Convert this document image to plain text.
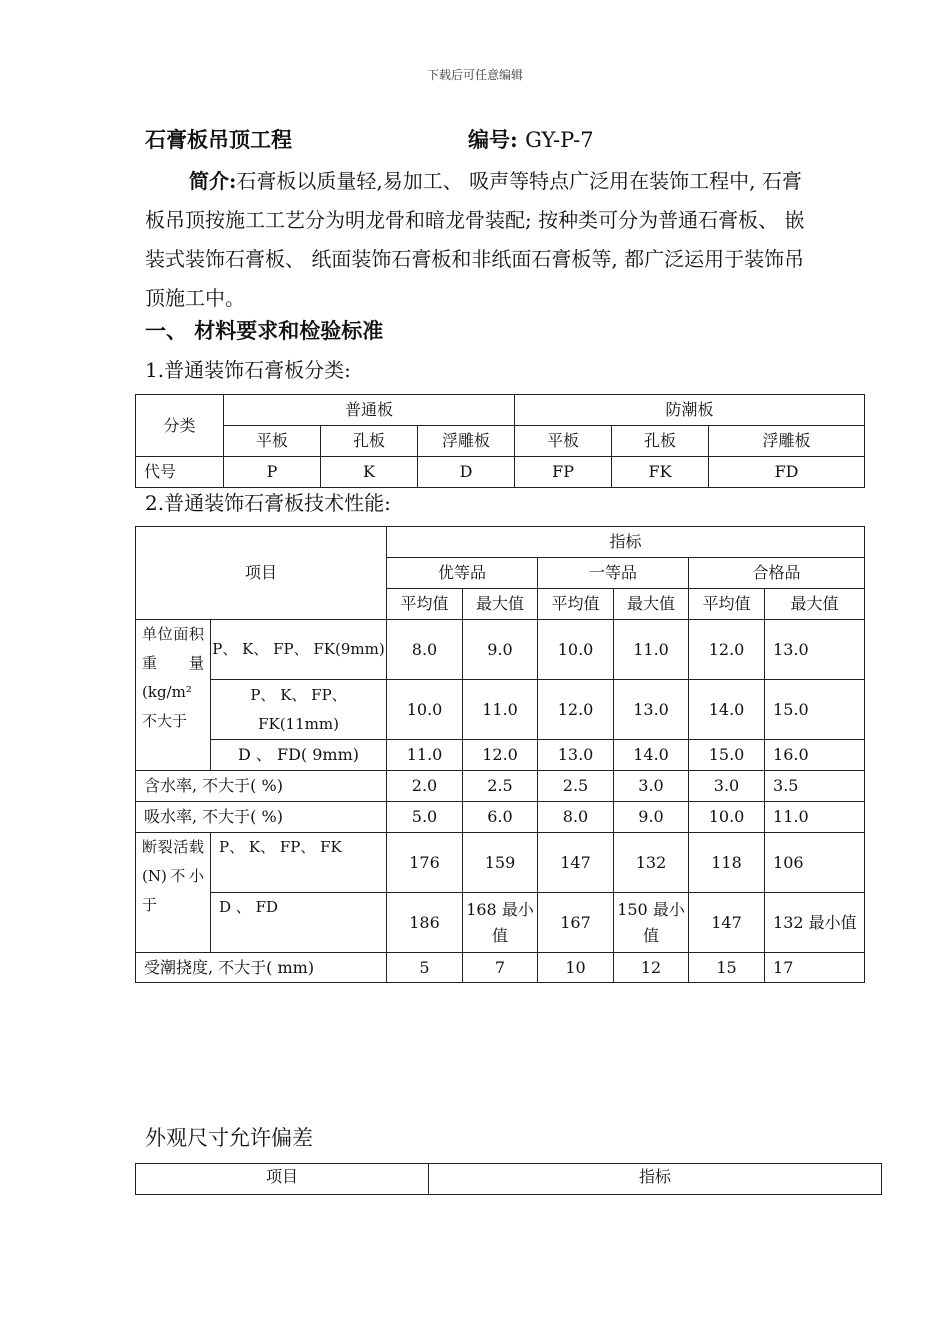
下载后可任意编辑
石膏板吊顶工程	编号: GY-P-7
简介:石膏板以质量轻,易加工、 吸声等特点广泛用在装饰工程中, 石膏板吊顶按施工工艺分为明龙骨和暗龙骨装配; 按种类可分为普通石膏板、 嵌装式装饰石膏板、 纸面装饰石膏板和非纸面石膏板等, 都广泛运用于装饰吊顶施工中。
一、 材料要求和检验标准
1.普通装饰石膏板分类:
分类	普通板			防潮板		
	平板	孔板	浮雕板	平板	孔板	浮雕板
代号	P	K	D	FP	FK	FD
2.普通装饰石膏板技术性能:
项目		指标					
		优等品		一等品		合格品	
		平均值	最大值	平均值	最大值	平均值	最大值
单位面积重量(kg/m²不大于	P、 K、 FP、 FK(9mm)	8.0	9.0	10.0	11.0	12.0	13.0
	P、 K、 FP、 FK(11mm)	10.0	11.0	12.0	13.0	14.0	15.0
	D 、 FD( 9mm)	11.0	12.0	13.0	14.0	15.0	16.0
含水率, 不大于( %)		2.0	2.5	2.5	3.0	3.0	3.5
吸水率, 不大于( %)		5.0	6.0	8.0	9.0	10.0	11.0
断裂活载(N)不小于	P、 K、 FP、 FK	176	159	147	132	118	106
	D 、 FD	186	168 最小值	167	150 最小值	147	132 最小值
受潮挠度, 不大于( mm)		5	7	10	12	15	17
外观尺寸允许偏差
项目	指标
